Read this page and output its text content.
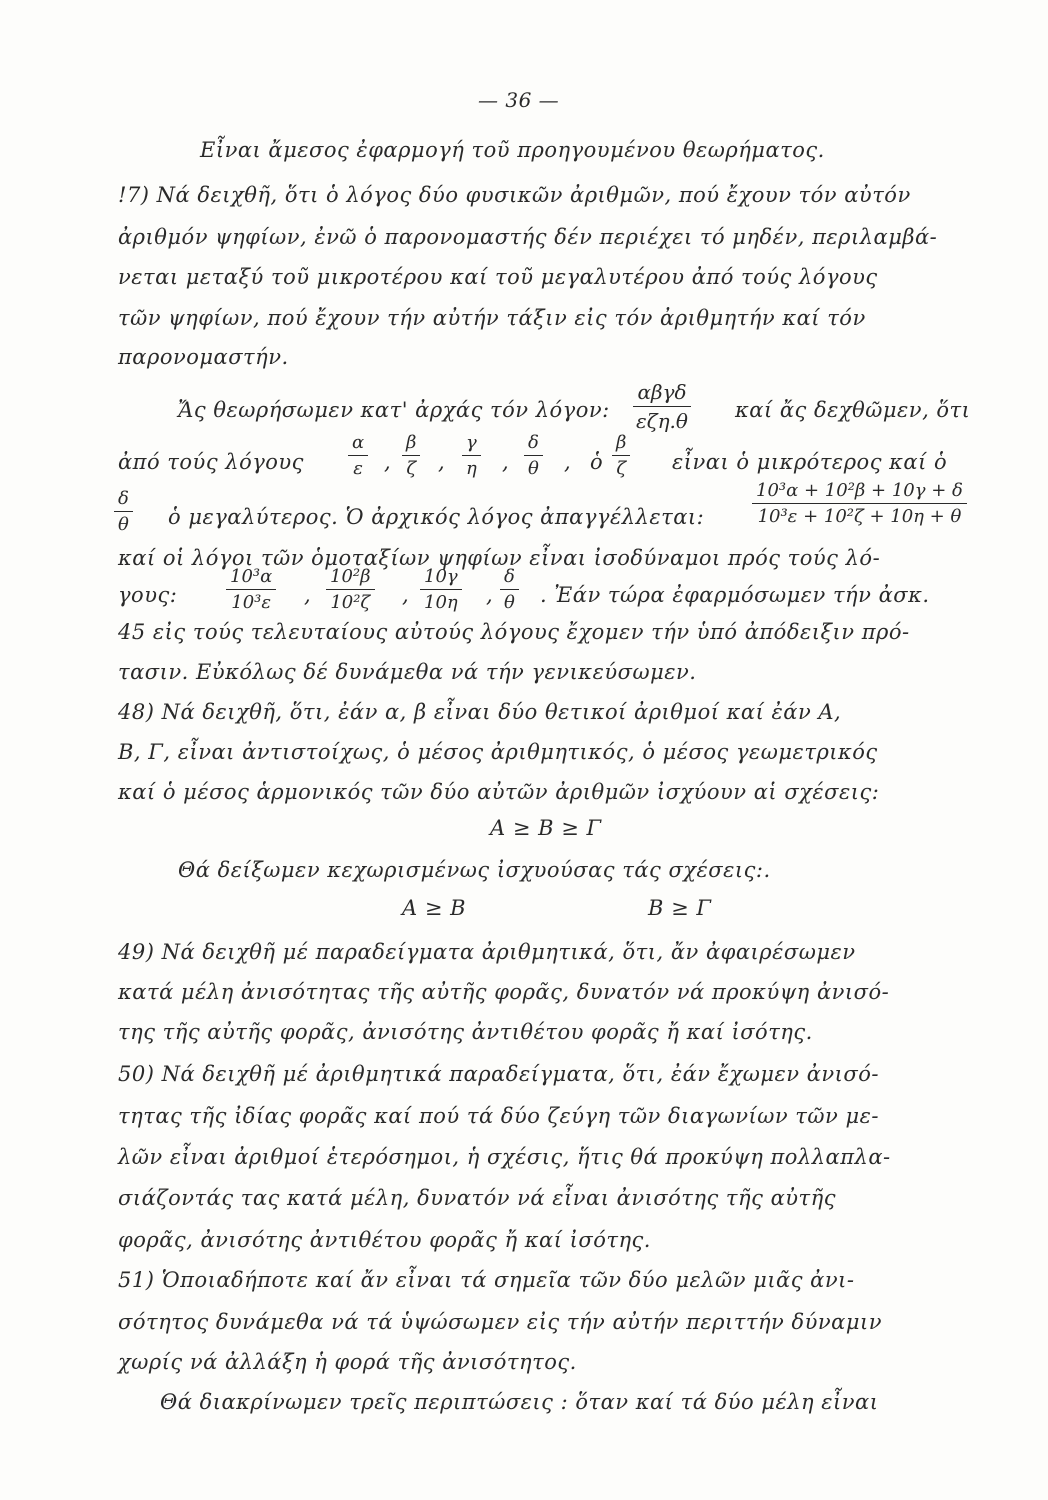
— 36 —
Εἶναι ἄμεσος ἐφαρμογή τοῦ προηγουμένου θεωρήματος.
!7) Νά δειχθῆ, ὅτι ὁ λόγος δύο φυσικῶν ἀριθμῶν, πού ἔχουν τόν αὐτόν
ἀριθμόν ψηφίων, ἐνῶ ὁ παρονομαστής δέν περιέχει τό μηδέν, περιλαμβά-
νεται μεταξύ τοῦ μικροτέρου καί τοῦ μεγαλυτέρου ἀπό τούς λόγους
τῶν ψηφίων, πού ἔχουν τήν αὐτήν τάξιν εἰς τόν ἀριθμητήν καί τόν
παρονομαστήν.
Ἄς θεωρήσωμεν κατ' ἀρχάς τόν λόγον:
αβγδ
εζη.θ καί ἄς δεχθῶμεν, ὅτι
ἀπό τούς λόγους $\frac{\alpha}{\varepsilon}$ , $\frac{\beta}{\zeta}$ , $\frac{\gamma}{\eta}$ , $\frac{\delta}{\theta}$ , ὁ $\frac{\beta}{\zeta}$ εἶναι ὁ μικρότερος καί ὁ
$\frac{\delta}{\theta}$ ὁ μεγαλύτερος. Ὁ ἀρχικός λόγος ἀπαγγέλλεται:	$\frac{\text{10³α + 10²β + 10γ + δ}}{\text{10³ε + 10²ζ + 10η + θ}}$
καί οἱ λόγοι τῶν ὁμοταξίων ψηφίων εἶναι ἰσοδύναμοι πρός τούς λό-
γους:	$\frac{\text{10³α}}{\text{10³ε}}$ , $\frac{\text{10²β}}{\text{10²ζ}}$ , $\frac{10\gamma}{10\eta}$ , $\frac{\delta}{\theta}$ . Ἐάν τώρα ἐφαρμόσωμεν τήν ἀσκ.
45 εἰς τούς τελευταίους αὐτούς λόγους ἔχομεν τήν ὑπό ἀπόδειξιν πρό-
τασιν. Εὐκόλως δέ δυνάμεθα νά τήν γενικεύσωμεν.
48) Νά δειχθῆ, ὅτι, ἐάν α, β εἶναι δύο θετικοί ἀριθμοί καί ἐάν Α,
Β, Γ, εἶναι ἀντιστοίχως, ὁ μέσος ἀριθμητικός, ὁ μέσος γεωμετρικός
καί ὁ μέσος ἁρμονικός τῶν δύο αὐτῶν ἀριθμῶν ἰσχύουν αἱ σχέσεις:
Α ≥ Β ≥ Γ
Θά δείξωμεν κεχωρισμένως ἰσχυούσας τάς σχέσεις:.
Α ≥ Β	Β ≥ Γ
49) Νά δειχθῆ μέ παραδείγματα ἀριθμητικά, ὅτι, ἄν ἀφαιρέσωμεν
κατά μέλη ἀνισότητας τῆς αὐτῆς φορᾶς, δυνατόν νά προκύψη ἀνισό-
της τῆς αὐτῆς φορᾶς, ἀνισότης ἀντιθέτου φορᾶς ἤ καί ἰσότης.
50) Νά δειχθῆ μέ ἀριθμητικά παραδείγματα, ὅτι, ἐάν ἔχωμεν ἀνισό-
τητας τῆς ἰδίας φορᾶς καί πού τά δύο ζεύγη τῶν διαγωνίων τῶν με-
λῶν εἶναι ἀριθμοί ἑτερόσημοι, ἡ σχέσις, ἥτις θά προκύψη πολλαπλα-
σιάζοντάς τας κατά μέλη, δυνατόν νά εἶναι ἀνισότης τῆς αὐτῆς
φορᾶς, ἀνισότης ἀντιθέτου φορᾶς ἤ καί ἰσότης.
51) Ὁποιαδήποτε καί ἄν εἶναι τά σημεῖα τῶν δύο μελῶν μιᾶς ἀνι-
σότητος δυνάμεθα νά τά ὑψώσωμεν εἰς τήν αὐτήν περιττήν δύναμιν
χωρίς νά ἀλλάξη ἡ φορά τῆς ἀνισότητος.
Θά διακρίνωμεν τρεῖς περιπτώσεις : ὅταν καί τά δύο μέλη εἶναι
